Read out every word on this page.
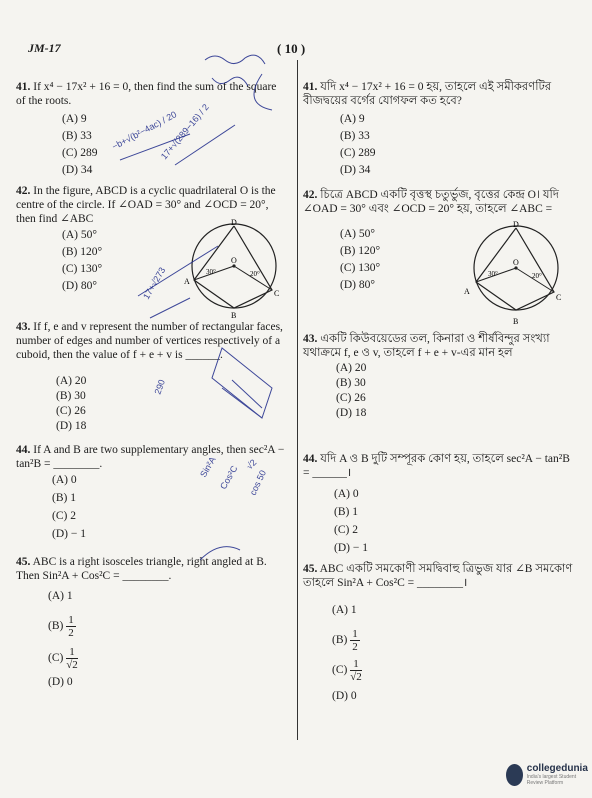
JM-17	( 10 )
41. If x⁴ − 17x² + 16 = 0, then find the sum of the square of the roots.
(A) 9
(B) 33
(C) 289
(D) 34
41. যদি x⁴ − 17x² + 16 = 0 হয়, তাহলে এই সমীকরণটির বীজদ্বয়ের বর্গের যোগফল কত হবে?
(A) 9
(B) 33
(C) 289
(D) 34
42. In the figure, ABCD is a cyclic quadrilateral O is the centre of the circle. If ∠OAD = 30° and ∠OCD = 20°, then find ∠ABC
(A) 50°
(B) 120°
(C) 130°
(D) 80°
42. চিত্রে ABCD একটি বৃত্তস্থ চতুর্ভুজ, বৃত্তের কেন্দ্র O। যদি ∠OAD = 30° এবং ∠OCD = 20° হয়, তাহলে ∠ABC =
(A) 50°
(B) 120°
(C) 130°
(D) 80°
D
A
B
C
O
30°	20°
D
A
B
C
O
30°	20°
43. If f, e and v represent the number of rectangular faces, number of edges and number of vertices respectively of a cuboid, then the value of f + e + v is ______.
(A) 20
(B) 30
(C) 26
(D) 18
43. একটি কিউবয়েডের তল, কিনারা ও শীর্ষবিন্দুর সংখ্যা যথাক্রমে f, e ও v, তাহলে f + e + v-এর মান হল
(A) 20
(B) 30
(C) 26
(D) 18
44. If A and B are two supplementary angles, then sec²A − tan²B = ________.
(A) 0
(B) 1
(C) 2
(D) − 1
44. যদি A ও B দুটি সম্পূরক কোণ হয়, তাহলে sec²A − tan²B = ______।
(A) 0
(B) 1
(C) 2
(D) − 1
45. ABC is a right isosceles triangle, right angled at B. Then Sin²A + Cos²C = ________.
(A) 1
$(B) \frac{1}{2}$
$(C) \frac{1}{√2}$
(D) 0
45. ABC একটি সমকোণী সমদ্বিবাহু ত্রিভুজ যার ∠B সমকোণ তাহলে Sin²A + Cos²C = ________।
(A) 1
$(B) \frac{1}{2}$
$(C) \frac{1}{√2}$
(D) 0
−b+√(b²−4ac) / 20
17+√(289−16) / 2
17+√273
290
Sin²A Cos²C cos 50
√2
collegedunia
India's largest Student Review Platform
